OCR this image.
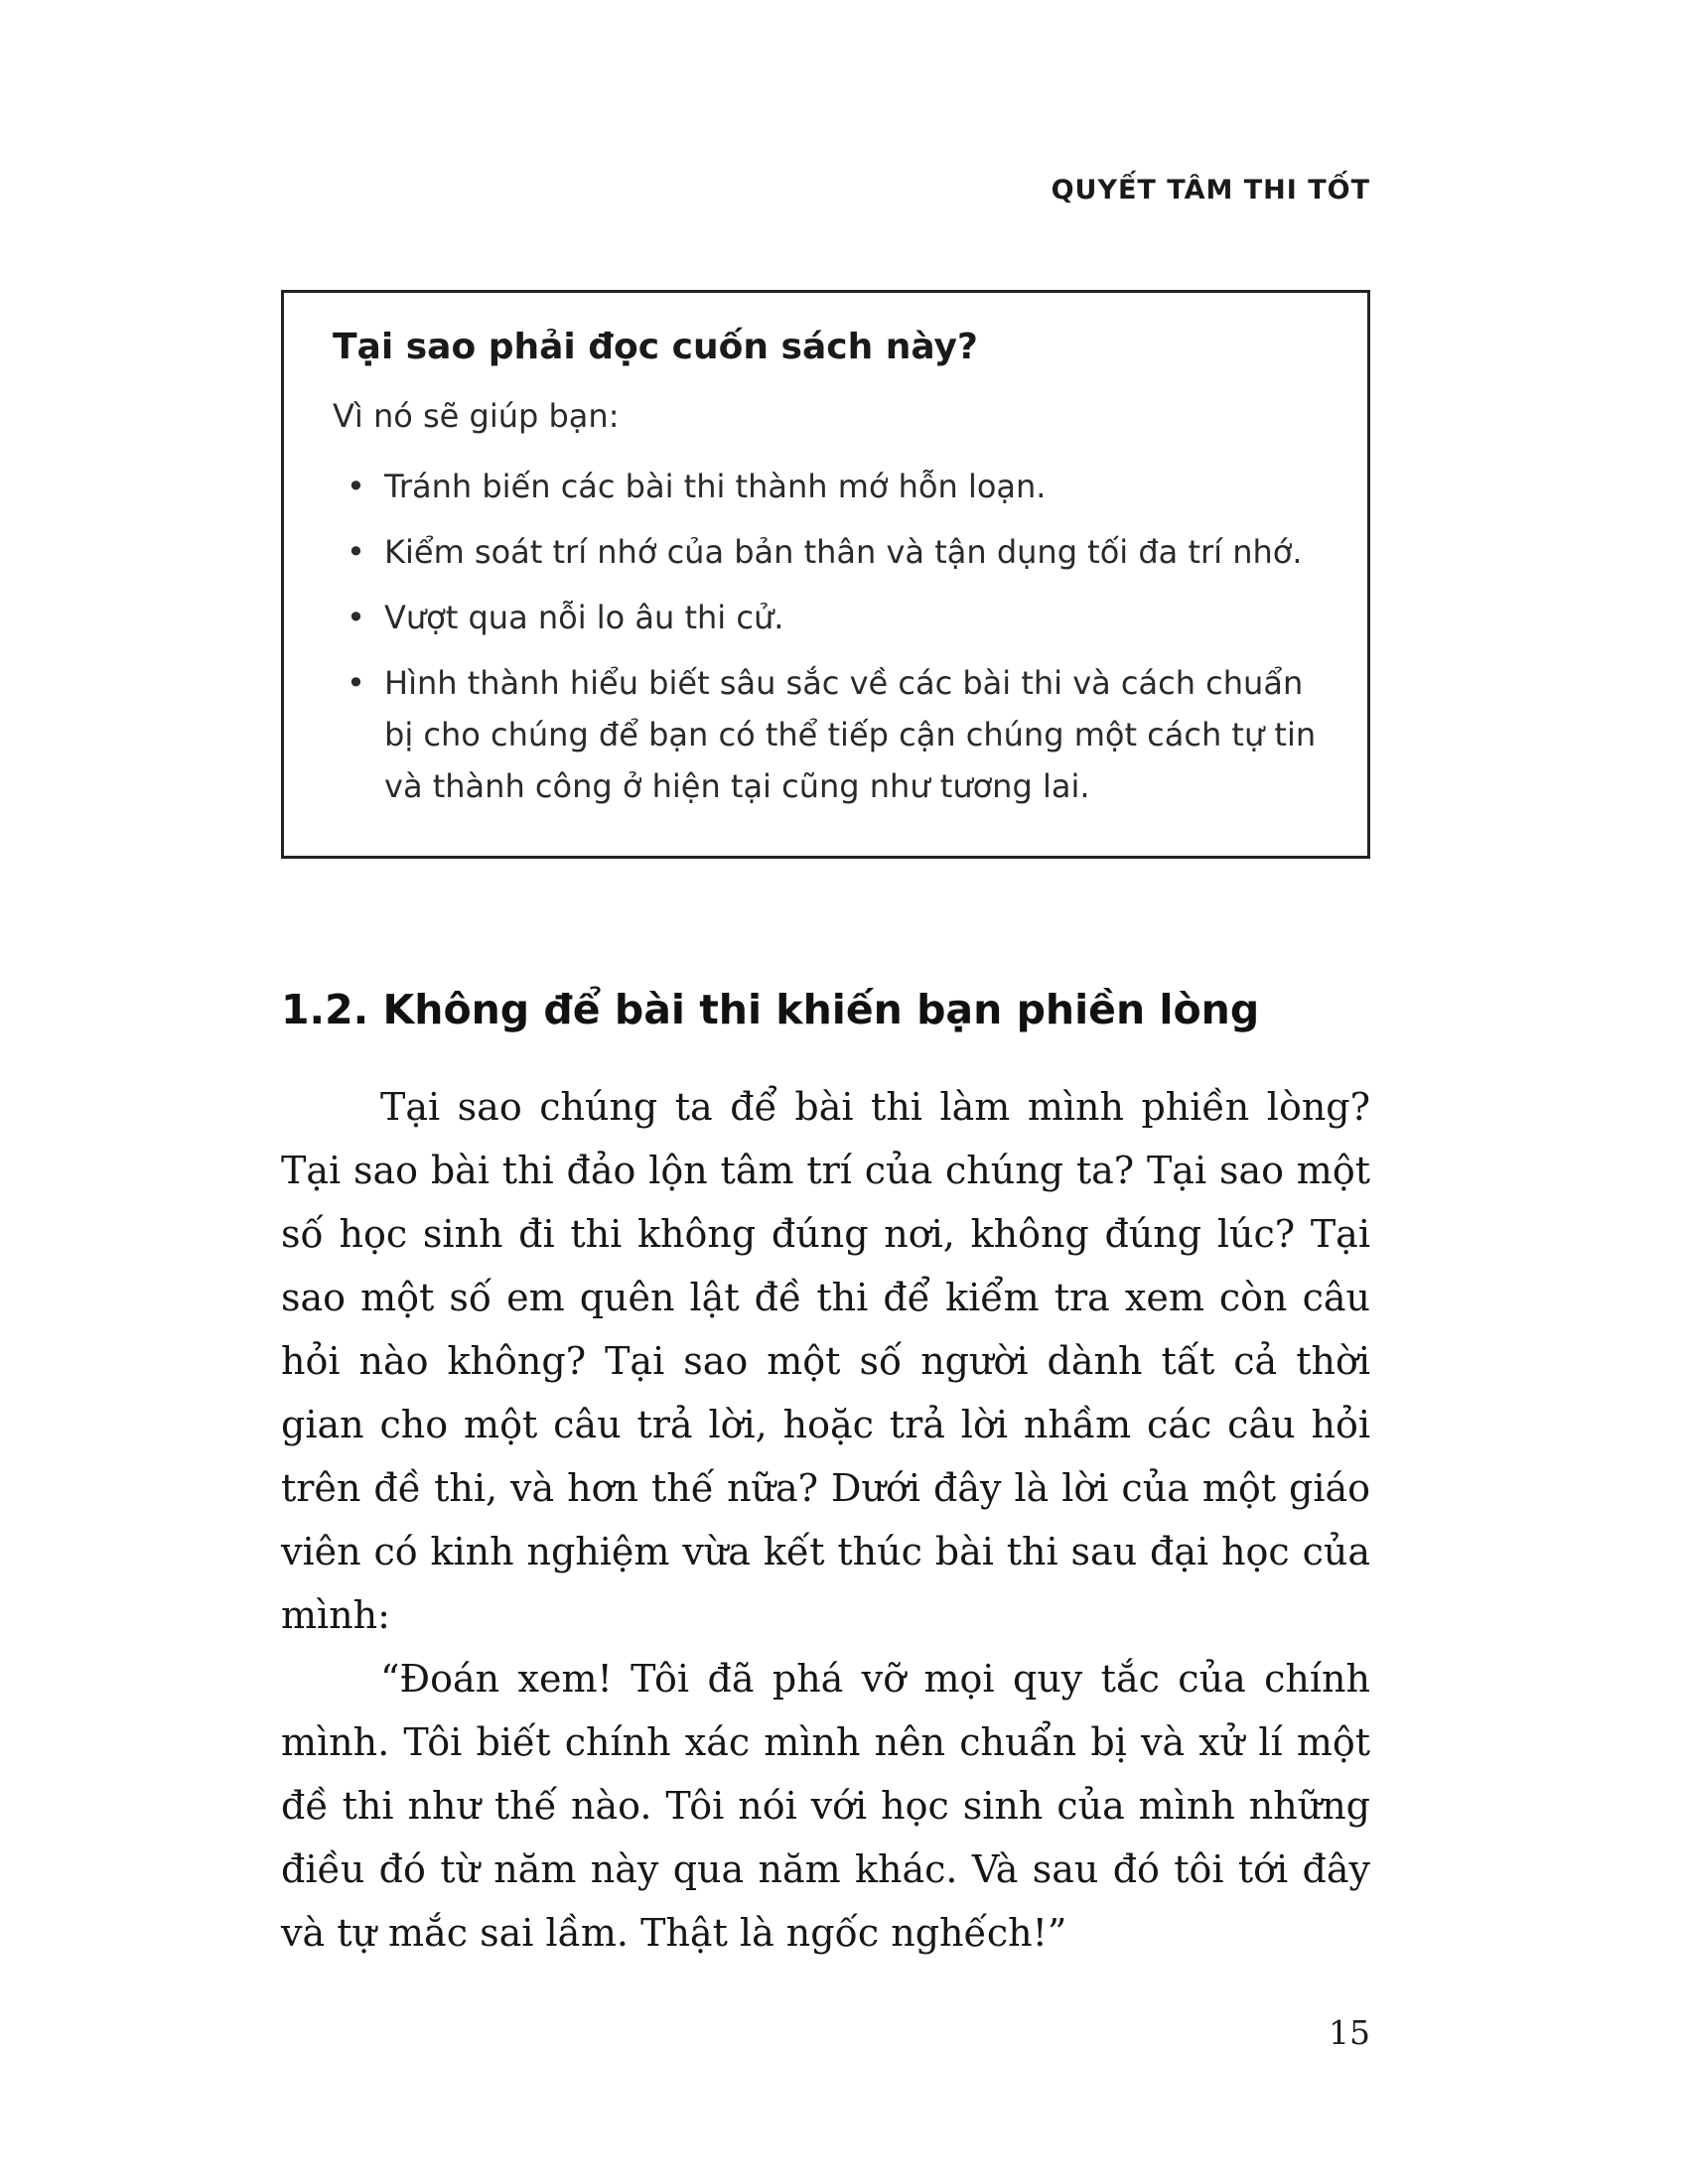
QUYẾT TÂM THI TỐT
Tại sao phải đọc cuốn sách này?

Vì nó sẽ giúp bạn:

• Tránh biến các bài thi thành mớ hỗn loạn.
• Kiểm soát trí nhớ của bản thân và tận dụng tối đa trí nhớ.
• Vượt qua nỗi lo âu thi cử.
• Hình thành hiểu biết sâu sắc về các bài thi và cách chuẩn bị cho chúng để bạn có thể tiếp cận chúng một cách tự tin và thành công ở hiện tại cũng như tương lai.
1.2. Không để bài thi khiến bạn phiền lòng

Tại sao chúng ta để bài thi làm mình phiền lòng? Tại sao bài thi đảo lộn tâm trí của chúng ta? Tại sao một số học sinh đi thi không đúng nơi, không đúng lúc? Tại sao một số em quên lật đề thi để kiểm tra xem còn câu hỏi nào không? Tại sao một số người dành tất cả thời gian cho một câu trả lời, hoặc trả lời nhầm các câu hỏi trên đề thi, và hơn thế nữa? Dưới đây là lời của một giáo viên có kinh nghiệm vừa kết thúc bài thi sau đại học của mình:

“Đoán xem! Tôi đã phá vỡ mọi quy tắc của chính mình. Tôi biết chính xác mình nên chuẩn bị và xử lí một đề thi như thế nào. Tôi nói với học sinh của mình những điều đó từ năm này qua năm khác. Và sau đó tôi tới đây và tự mắc sai lầm. Thật là ngốc nghếch!”

15
